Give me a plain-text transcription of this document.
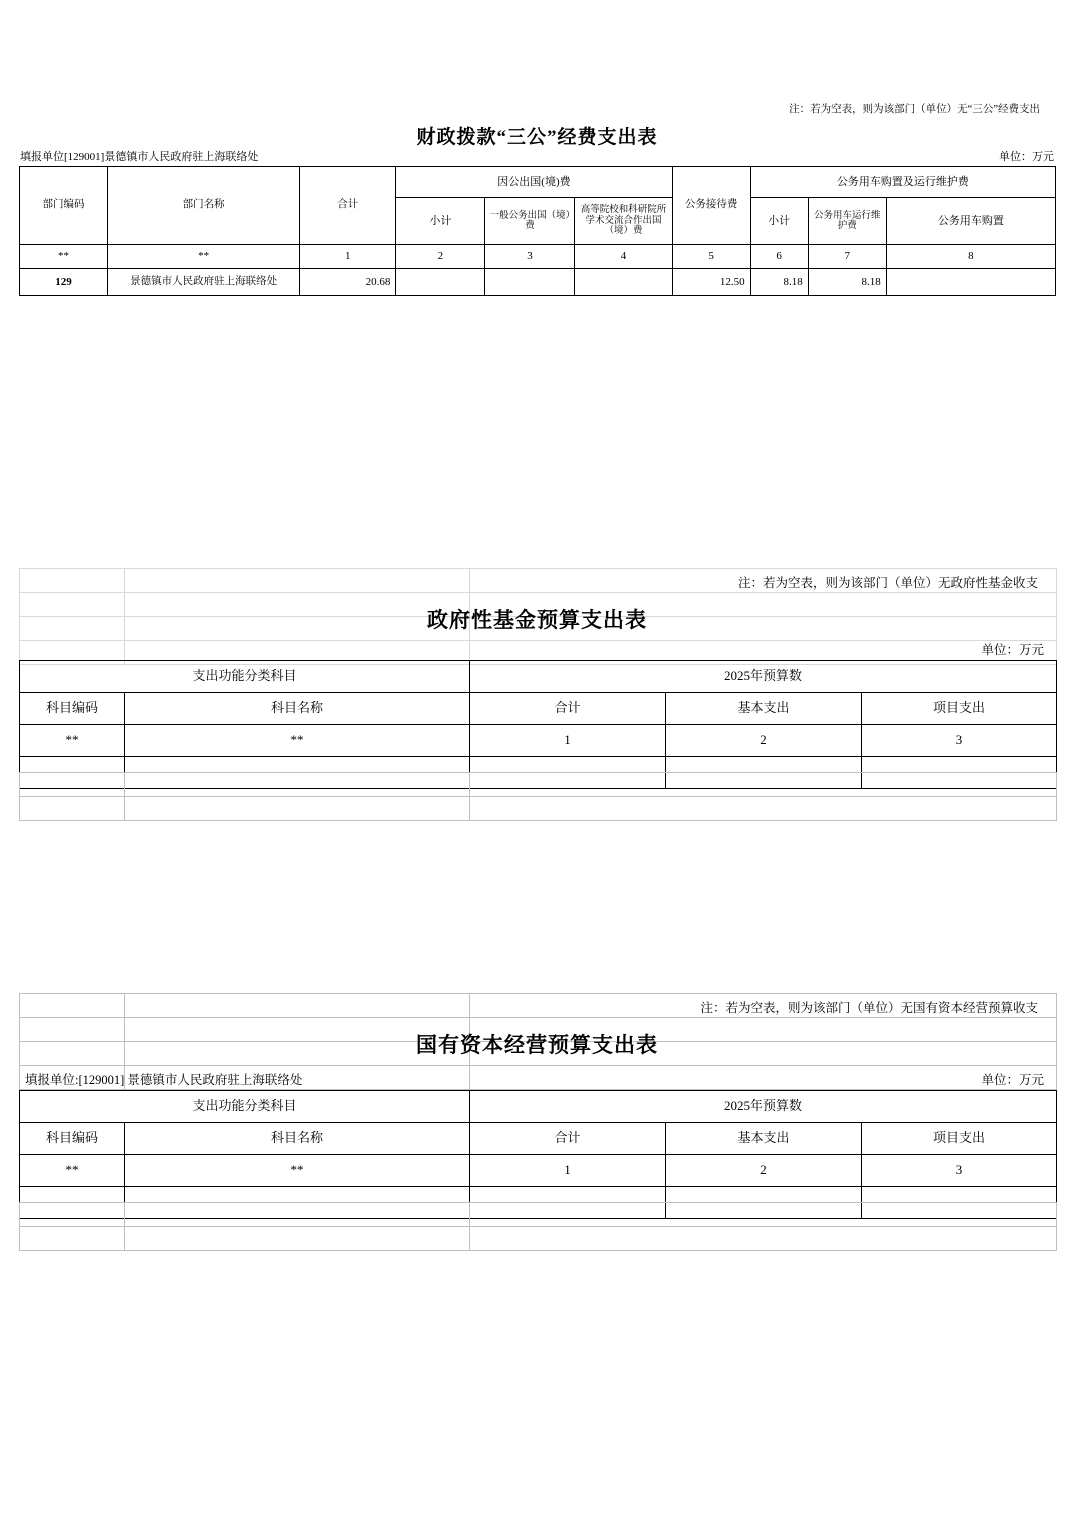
注：若为空表，则为该部门（单位）无“三公”经费支出
财政拨款“三公”经费支出表
填报单位[129001]景德镇市人民政府驻上海联络处	单位：万元
部门编码	部门名称	合计	因公出国(境)费			公务接待费	公务用车购置及运行维护费		
			小计	一般公务出国（境）费	高等院校和科研院所学术交流合作出国（境）费		小计	公务用车运行维护费	公务用车购置
**	**	1	2	3	4	5	6	7	8
129	景德镇市人民政府驻上海联络处	20.68				12.50	8.18	8.18	

注：若为空表，则为该部门（单位）无政府性基金收支
政府性基金预算支出表
单位：万元
支出功能分类科目		2025年预算数		
科目编码	科目名称	合计	基本支出	项目支出
**	**	1	2	3

注：若为空表，则为该部门（单位）无国有资本经营预算收支
国有资本经营预算支出表
填报单位:[129001] 景德镇市人民政府驻上海联络处	单位：万元
支出功能分类科目		2025年预算数		
科目编码	科目名称	合计	基本支出	项目支出
**	**	1	2	3
